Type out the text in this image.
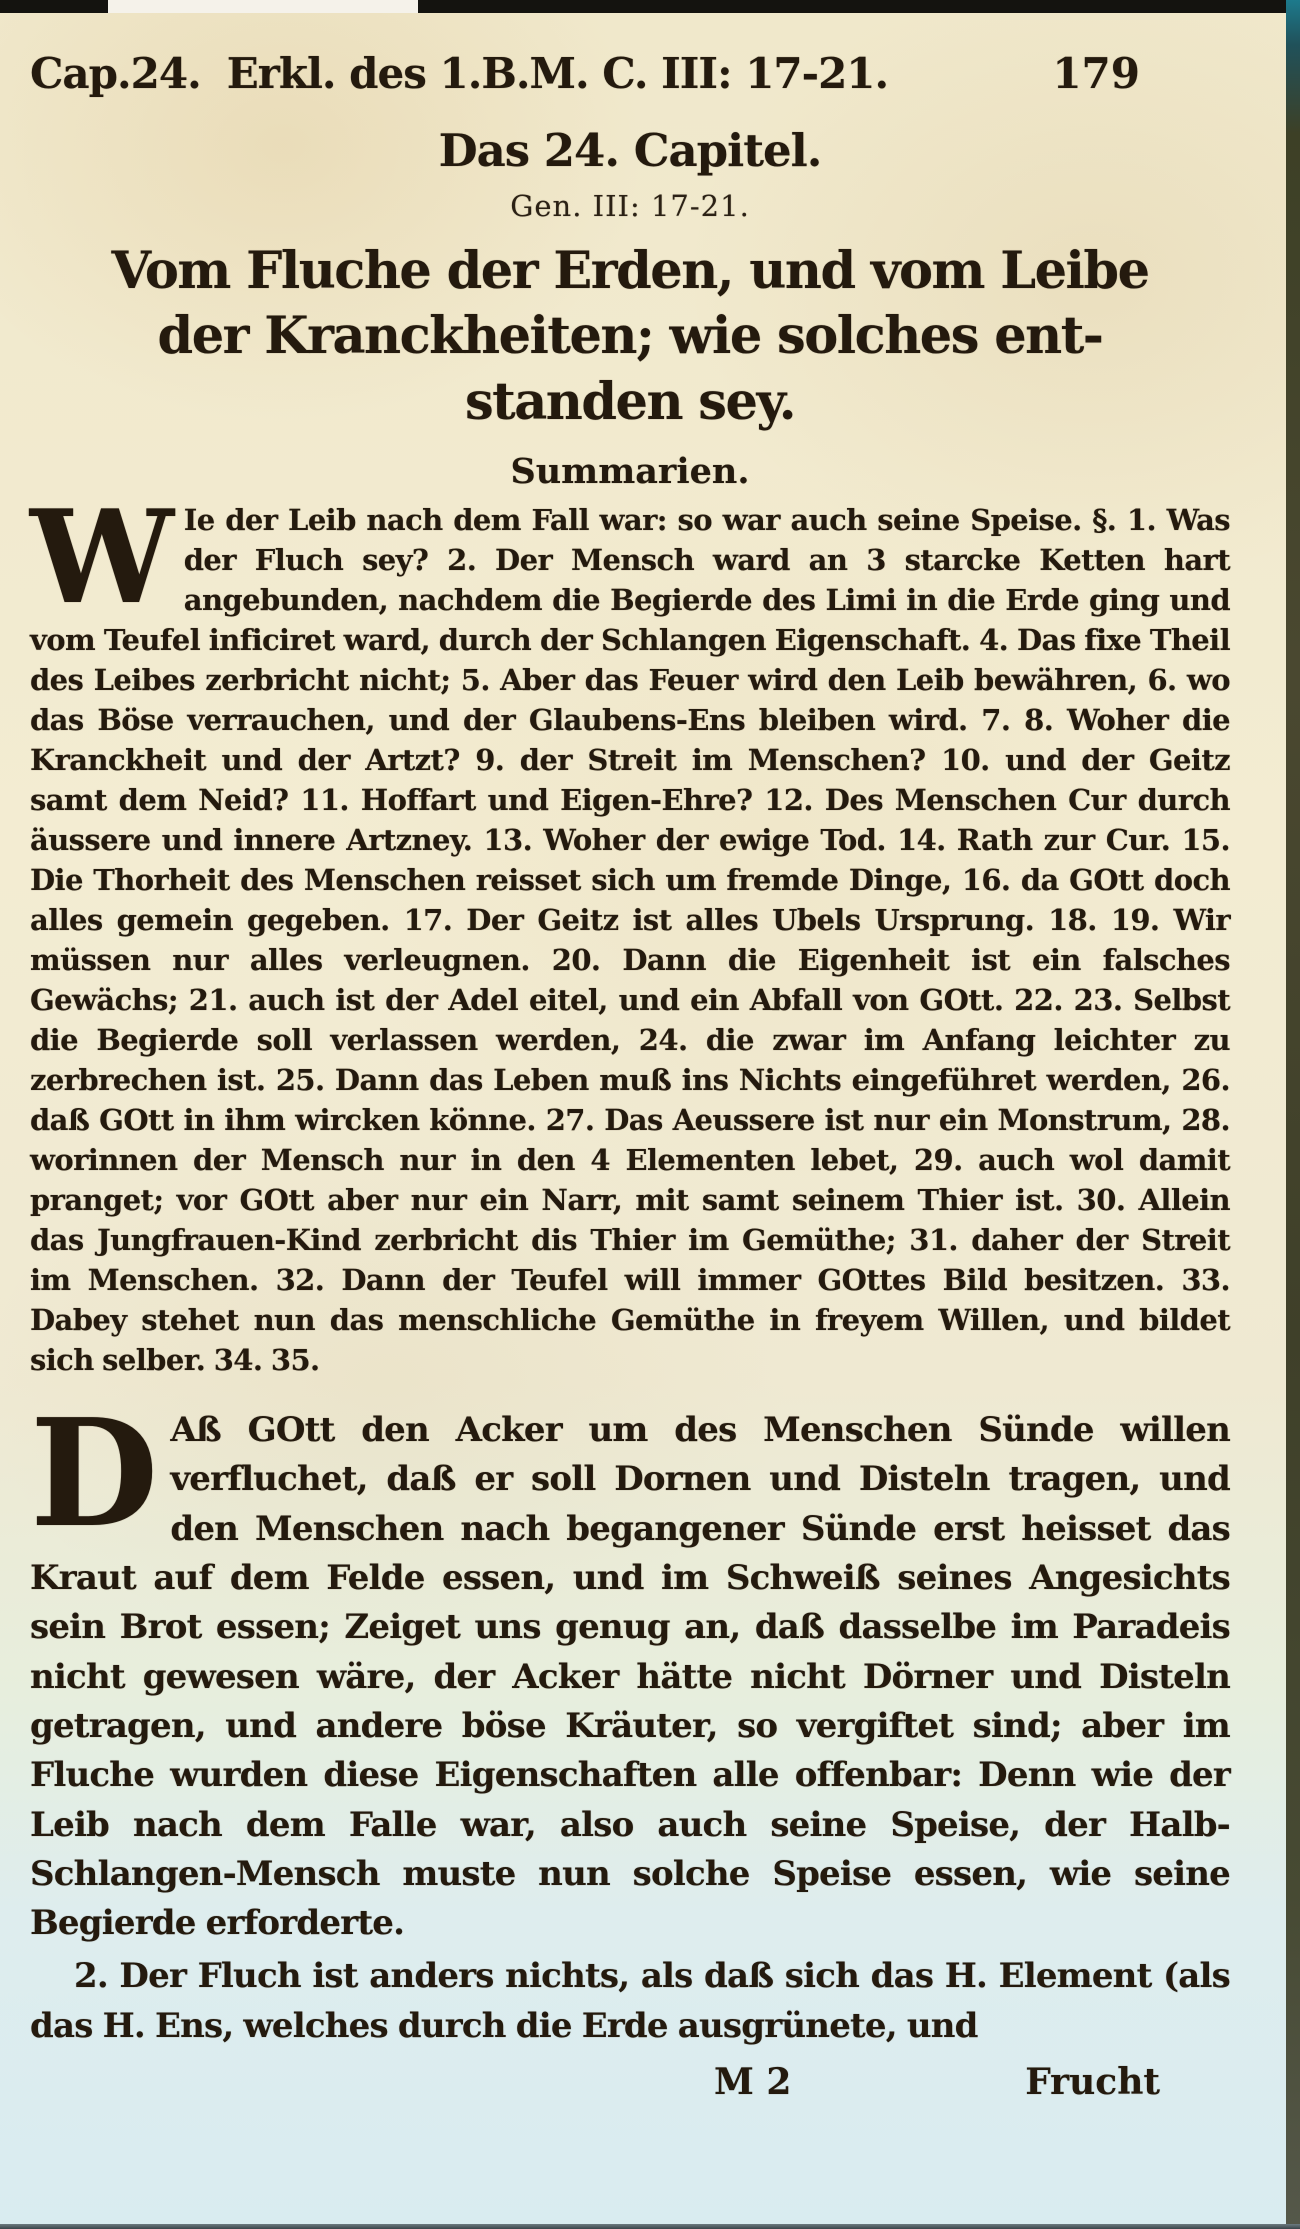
Cap.24. Erkl. des 1.B.M. C. III: 17-21.	179
Das 24. Capitel.
Gen. III: 17-21.
Vom Fluche der Erden, und vom Leibe
der Kranckheiten; wie solches ent-
standen sey.
Summarien.
W Ie der Leib nach dem Fall war: so war auch seine Speise. §. 1. Was der Fluch sey? 2. Der Mensch ward an 3 starcke Ketten hart angebunden, nachdem die Begierde des Limi in die Erde ging und vom Teufel inficiret ward, durch der Schlangen Eigenschaft. 4. Das fixe Theil des Leibes zerbricht nicht; 5. Aber das Feuer wird den Leib bewähren, 6. wo das Böse verrauchen, und der Glaubens-Ens bleiben wird. 7. 8. Woher die Kranckheit und der Artzt? 9. der Streit im Menschen? 10. und der Geitz samt dem Neid? 11. Hoffart und Eigen-Ehre? 12. Des Menschen Cur durch äussere und innere Artzney. 13. Woher der ewige Tod. 14. Rath zur Cur. 15. Die Thorheit des Menschen reisset sich um fremde Dinge, 16. da GOtt doch alles gemein gegeben. 17. Der Geitz ist alles Ubels Ursprung. 18. 19. Wir müssen nur alles verleugnen. 20. Dann die Eigenheit ist ein falsches Gewächs; 21. auch ist der Adel eitel, und ein Abfall von GOtt. 22. 23. Selbst die Begierde soll verlassen werden, 24. die zwar im Anfang leichter zu zerbrechen ist. 25. Dann das Leben muß ins Nichts eingeführet werden, 26. daß GOtt in ihm wircken könne. 27. Das Aeussere ist nur ein Monstrum, 28. worinnen der Mensch nur in den 4 Elementen lebet, 29. auch wol damit pranget; vor GOtt aber nur ein Narr, mit samt seinem Thier ist. 30. Allein das Jungfrauen-Kind zerbricht dis Thier im Gemüthe; 31. daher der Streit im Menschen. 32. Dann der Teufel will immer GOttes Bild besitzen. 33. Dabey stehet nun das menschliche Gemüthe in freyem Willen, und bildet sich selber. 34. 35.
D Aß GOtt den Acker um des Menschen Sünde willen verfluchet, daß er soll Dornen und Disteln tragen, und den Menschen nach begangener Sünde erst heisset das Kraut auf dem Felde essen, und im Schweiß seines Angesichts sein Brot essen; Zeiget uns genug an, daß dasselbe im Paradeis nicht gewesen wäre, der Acker hätte nicht Dörner und Disteln getragen, und andere böse Kräuter, so vergiftet sind; aber im Fluche wurden diese Eigenschaften alle offenbar: Denn wie der Leib nach dem Falle war, also auch seine Speise, der Halb-Schlangen-Mensch muste nun solche Speise essen, wie seine Begierde erforderte.
2. Der Fluch ist anders nichts, als daß sich das H. Element (als das H. Ens, welches durch die Erde ausgrünete, und
M 2	Frucht
